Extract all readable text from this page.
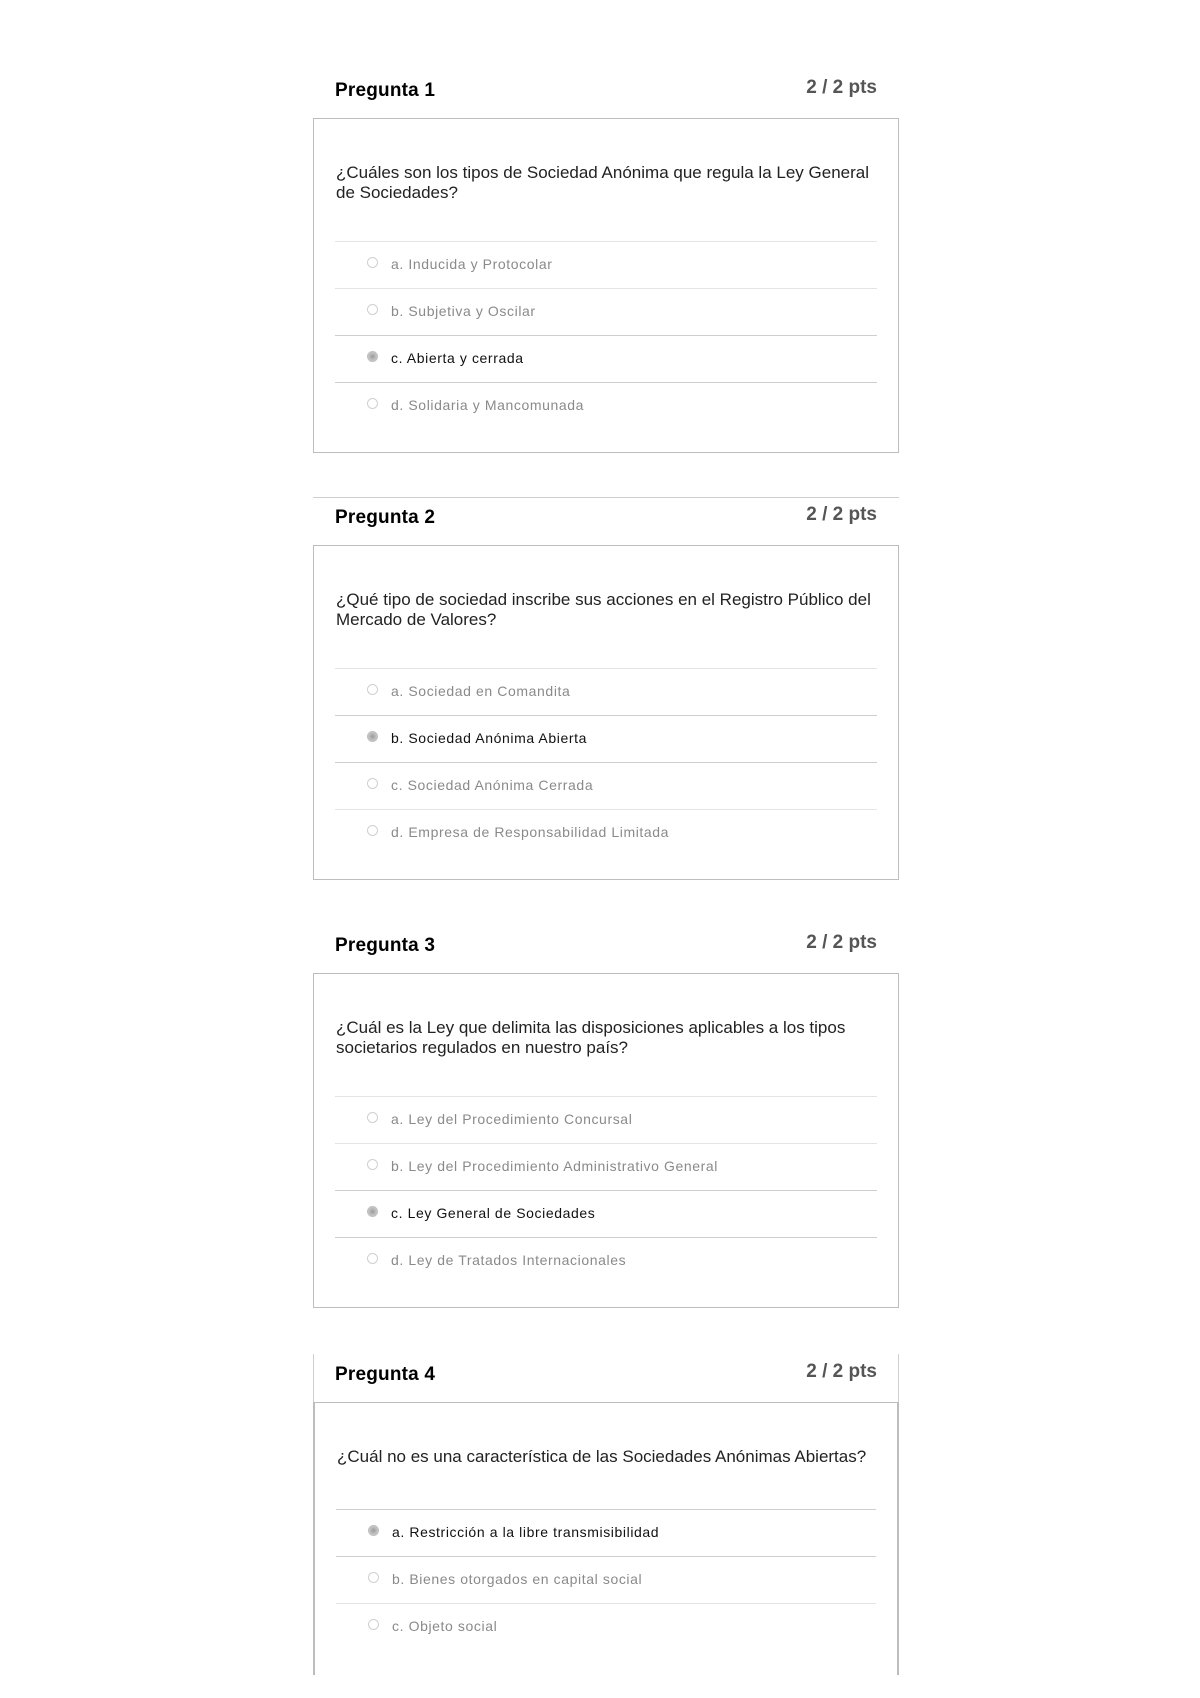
Pregunta 1	2 / 2 pts
¿Cuáles son los tipos de Sociedad Anónima que regula la Ley General de Sociedades?
a. Inducida y Protocolar
b. Subjetiva y Oscilar
c. Abierta y cerrada
d. Solidaria y Mancomunada
Pregunta 2	2 / 2 pts
¿Qué tipo de sociedad inscribe sus acciones en el Registro Público del Mercado de Valores?
a. Sociedad en Comandita
b. Sociedad Anónima Abierta
c. Sociedad Anónima Cerrada
d. Empresa de Responsabilidad Limitada
Pregunta 3	2 / 2 pts
¿Cuál es la Ley que delimita las disposiciones aplicables a los tipos societarios regulados en nuestro país?
a. Ley del Procedimiento Concursal
b. Ley del Procedimiento Administrativo General
c. Ley General de Sociedades
d. Ley de Tratados Internacionales
Pregunta 4	2 / 2 pts
¿Cuál no es una característica de las Sociedades Anónimas Abiertas?
a. Restricción a la libre transmisibilidad
b. Bienes otorgados en capital social
c. Objeto social
